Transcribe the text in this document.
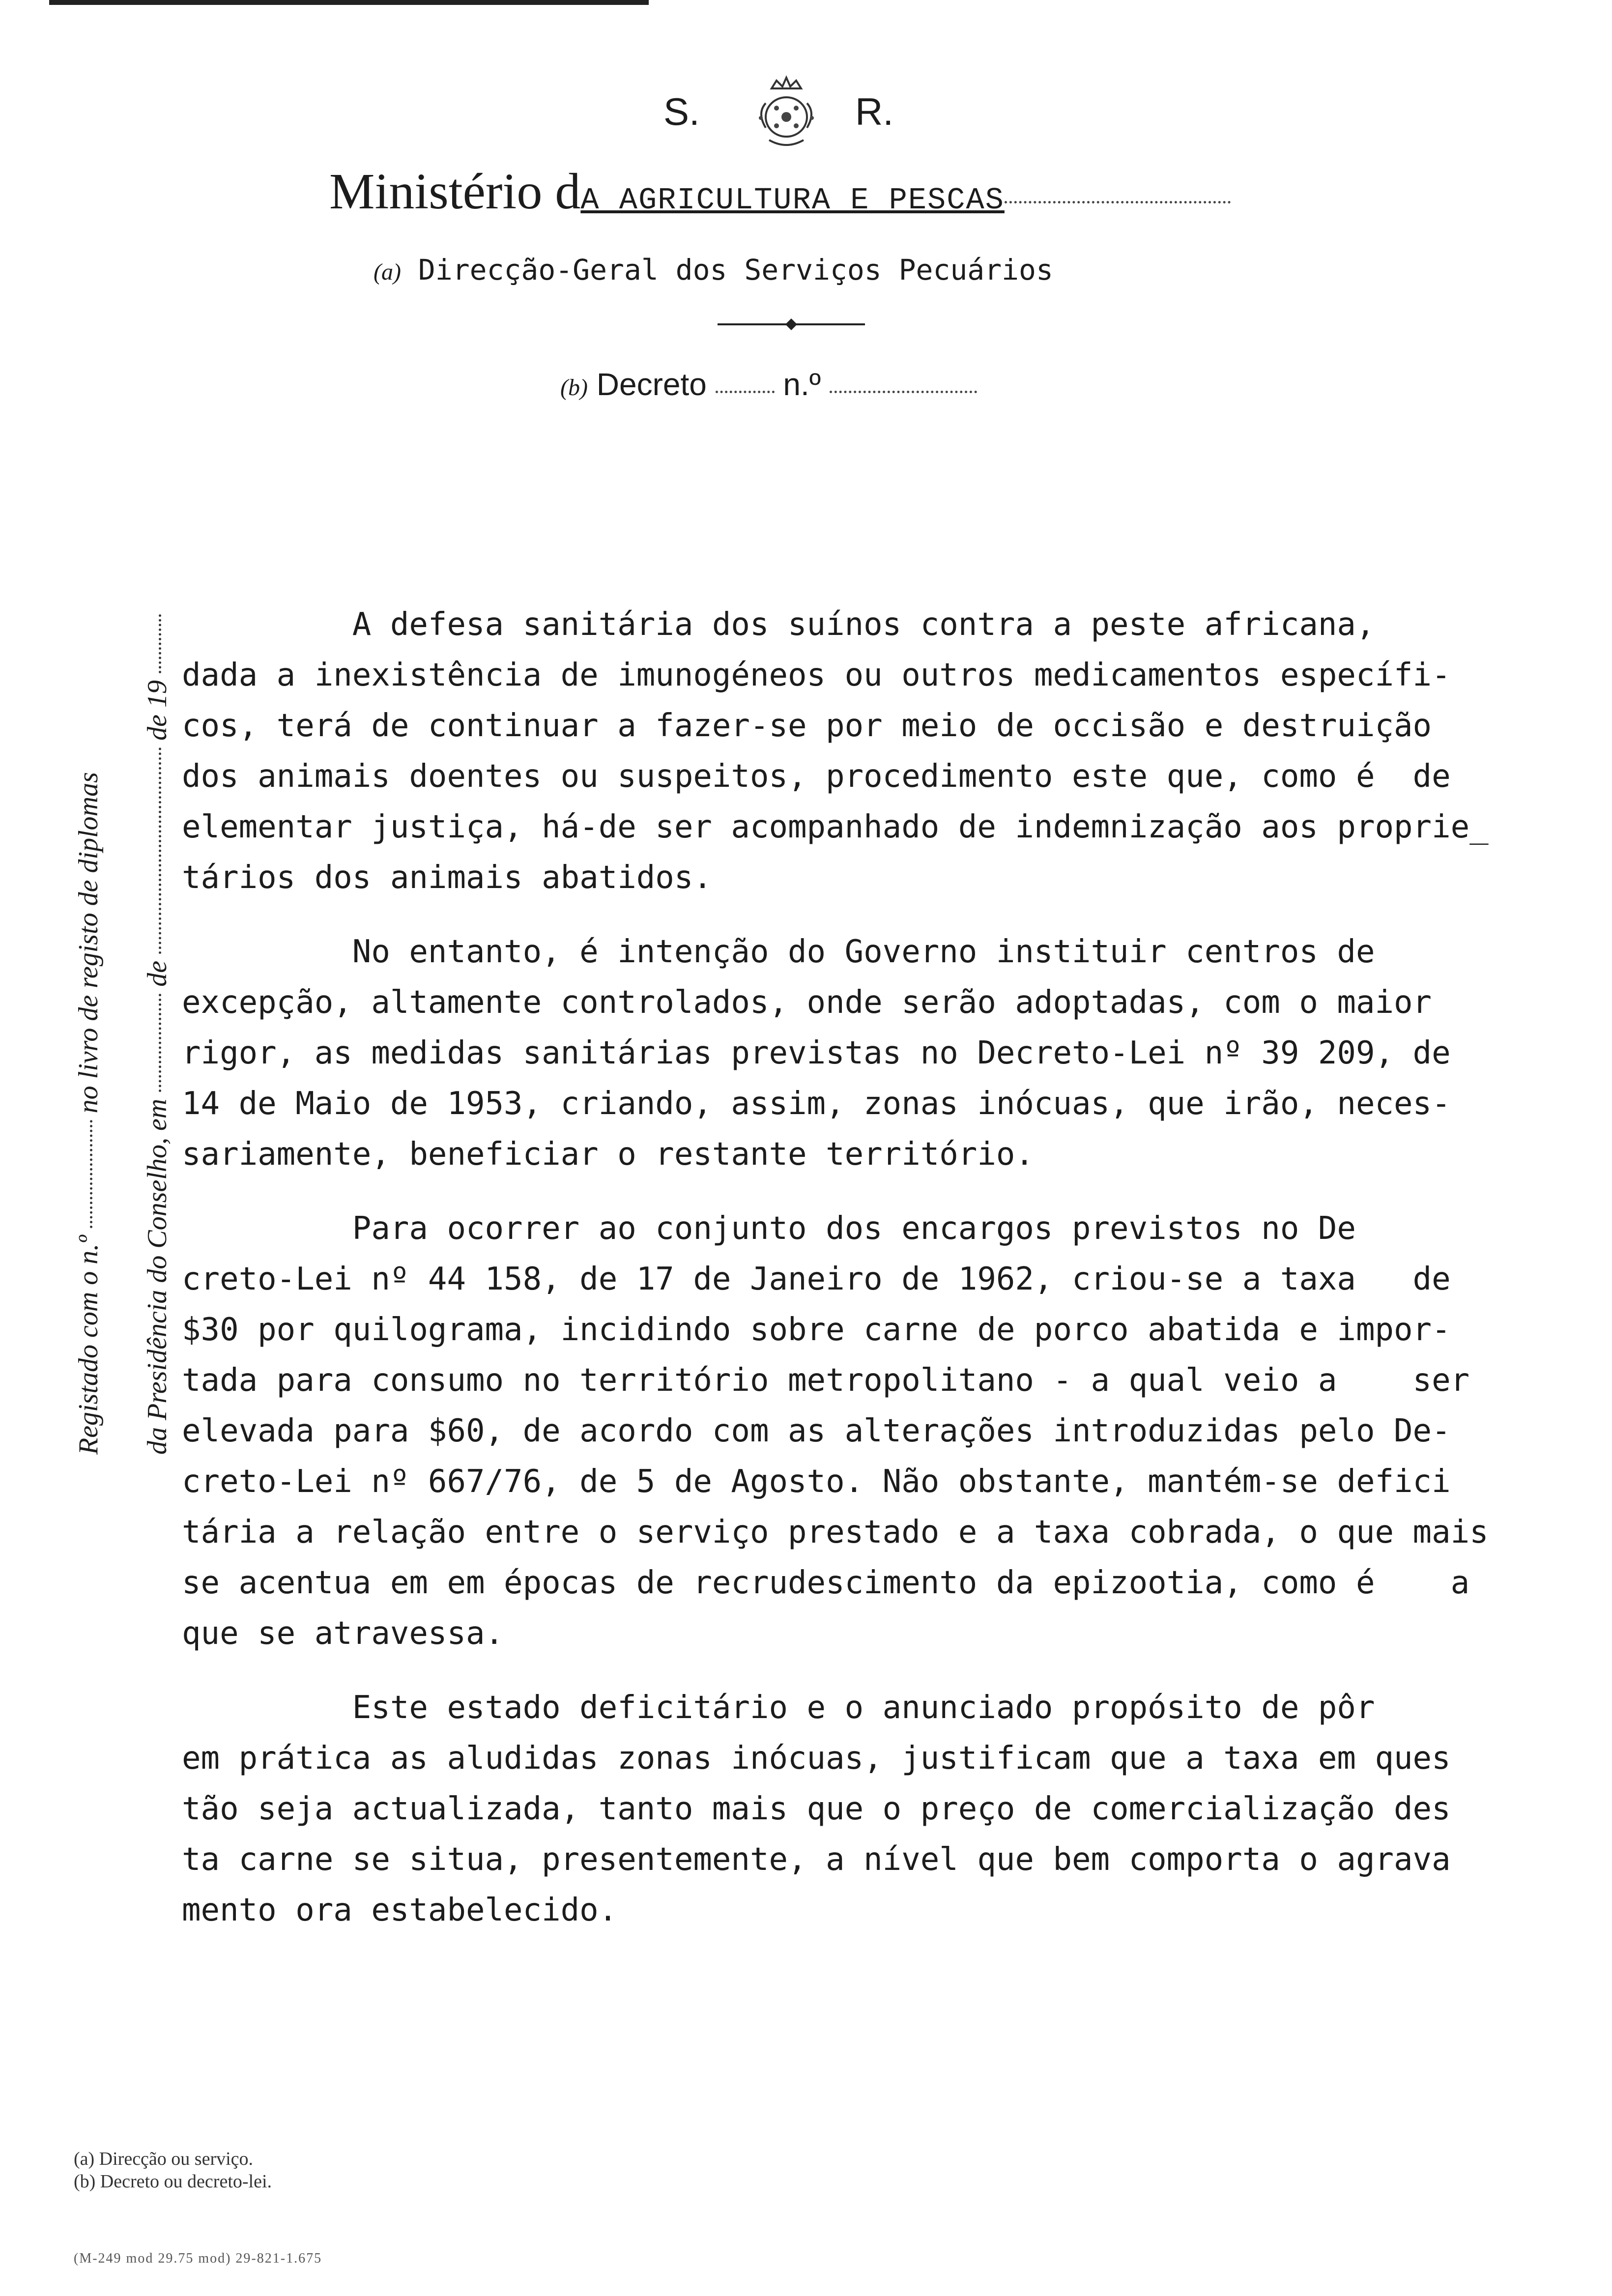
S.	R.
Ministério dA AGRICULTURA E PESCAS
(a) Direcção-Geral dos Serviços Pecuários
(b) Decreto n.º
Registado com o n.º  no livro de registo de diplomas
da Presidência do Conselho, em  de  de 19
A defesa sanitária dos suínos contra a peste africana,
dada a inexistência de imunogéneos ou outros medicamentos específi-
cos, terá de continuar a fazer-se por meio de occisão e destruição
dos animais doentes ou suspeitos, procedimento este que, como é  de
elementar justiça, há-de ser acompanhado de indemnização aos proprie_
tários dos animais abatidos.
No entanto, é intenção do Governo instituir centros de
excepção, altamente controlados, onde serão adoptadas, com o maior
rigor, as medidas sanitárias previstas no Decreto-Lei nº 39 209, de
14 de Maio de 1953, criando, assim, zonas inócuas, que irão, neces-
sariamente, beneficiar o restante território.
Para ocorrer ao conjunto dos encargos previstos no De
creto-Lei nº 44 158, de 17 de Janeiro de 1962, criou-se a taxa   de
$30 por quilograma, incidindo sobre carne de porco abatida e impor-
tada para consumo no território metropolitano - a qual veio a    ser
elevada para $60, de acordo com as alterações introduzidas pelo De-
creto-Lei nº 667/76, de 5 de Agosto. Não obstante, mantém-se defici
tária a relação entre o serviço prestado e a taxa cobrada, o que mais
se acentua em em épocas de recrudescimento da epizootia, como é    a
que se atravessa.
Este estado deficitário e o anunciado propósito de pôr
em prática as aludidas zonas inócuas, justificam que a taxa em ques
tão seja actualizada, tanto mais que o preço de comercialização des
ta carne se situa, presentemente, a nível que bem comporta o agrava
mento ora estabelecido.
(a) Direcção ou serviço.
(b) Decreto ou decreto-lei.
(M-249 mod 29.75 mod) 29-821-1.675
